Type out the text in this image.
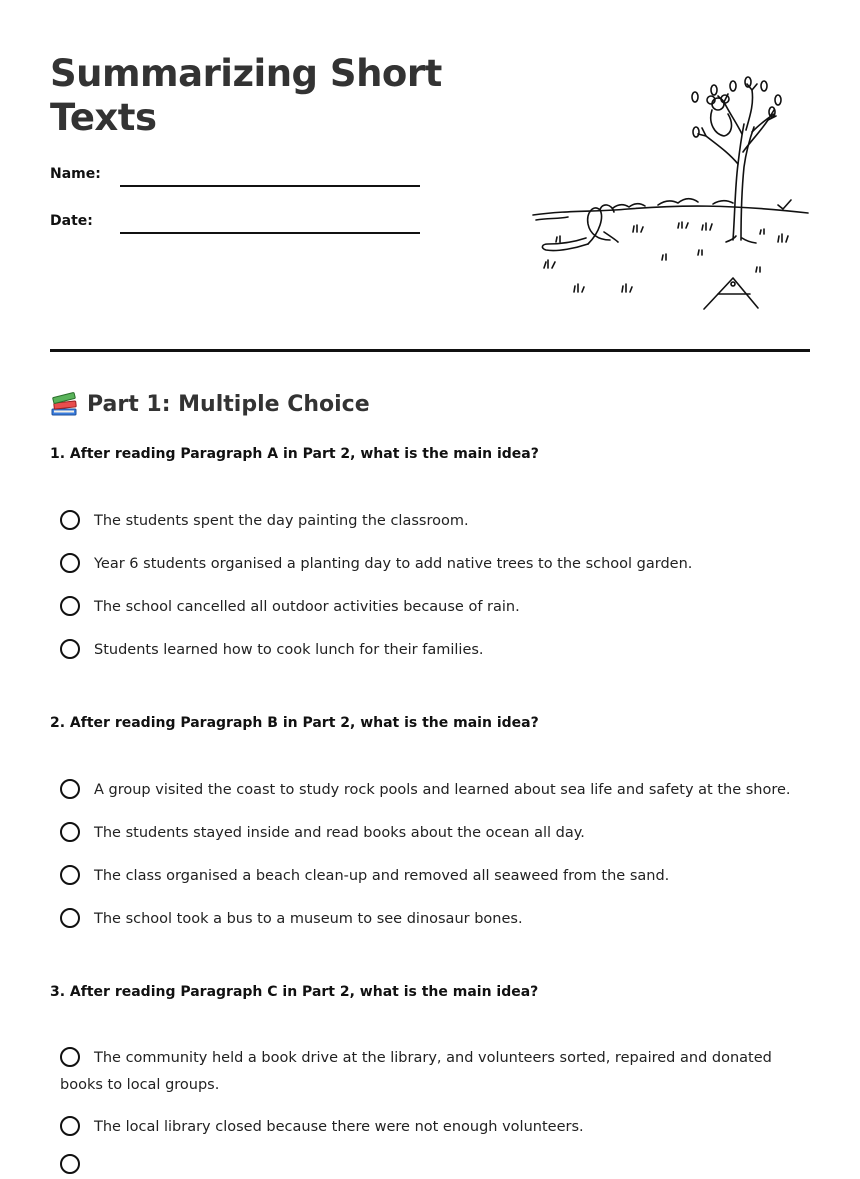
Summarizing Short Texts
Name:
Date:
Part 1: Multiple Choice
1. After reading Paragraph A in Part 2, what is the main idea?
The students spent the day painting the classroom.
Year 6 students organised a planting day to add native trees to the school garden.
The school cancelled all outdoor activities because of rain.
Students learned how to cook lunch for their families.
2. After reading Paragraph B in Part 2, what is the main idea?
A group visited the coast to study rock pools and learned about sea life and safety at the shore.
The students stayed inside and read books about the ocean all day.
The class organised a beach clean-up and removed all seaweed from the sand.
The school took a bus to a museum to see dinosaur bones.
3. After reading Paragraph C in Part 2, what is the main idea?
The community held a book drive at the library, and volunteers sorted, repaired and donated books to local groups.
The local library closed because there were not enough volunteers.
